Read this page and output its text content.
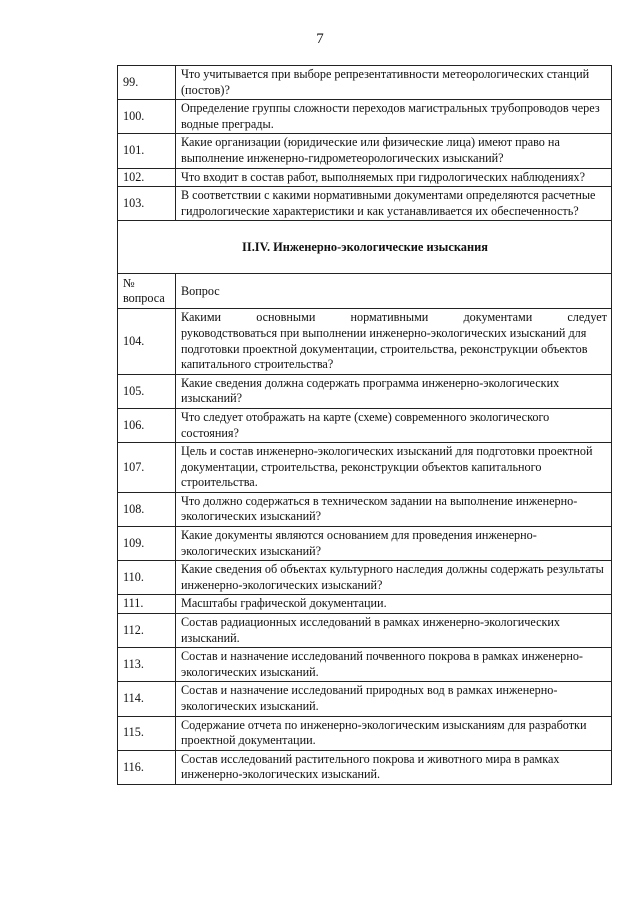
7
99.	Что учитывается при выборе репрезентативности метеорологических станций (постов)?
100.	Определение группы сложности переходов магистральных трубопроводов через водные преграды.
101.	Какие организации (юридические или физические лица) имеют право на выполнение инженерно-гидрометеорологических изысканий?
102.	Что входит в состав работ, выполняемых при гидрологических наблюдениях?
103.	В соответствии с какими нормативными документами определяются расчетные гидрологические характеристики и как устанавливается их обеспеченность?
II.IV. Инженерно-экологические изыскания	
№ вопроса	Вопрос
104.	Какими основными нормативными документами следует
руководствоваться при выполнении инженерно-экологических изысканий для подготовки проектной документации, строительства, реконструкции объектов капитального строительства?
105.	Какие сведения должна содержать программа инженерно-экологических изысканий?
106.	Что следует отображать на карте (схеме) современного экологического состояния?
107.	Цель и состав инженерно-экологических изысканий для подготовки проектной документации, строительства, реконструкции объектов капитального строительства.
108.	Что должно содержаться в техническом задании на выполнение инженерно-экологических изысканий?
109.	Какие документы являются основанием для проведения инженерно-экологических изысканий?
110.	Какие сведения об объектах культурного наследия должны содержать результаты инженерно-экологических изысканий?
111.	Масштабы графической документации.
112.	Состав радиационных исследований в рамках инженерно-экологических изысканий.
113.	Состав и назначение исследований почвенного покрова в рамках инженерно-экологических изысканий.
114.	Состав и назначение исследований природных вод в рамках инженерно-экологических изысканий.
115.	Содержание отчета по инженерно-экологическим изысканиям для разработки проектной документации.
116.	Состав исследований растительного покрова и животного мира в рамках инженерно-экологических изысканий.
